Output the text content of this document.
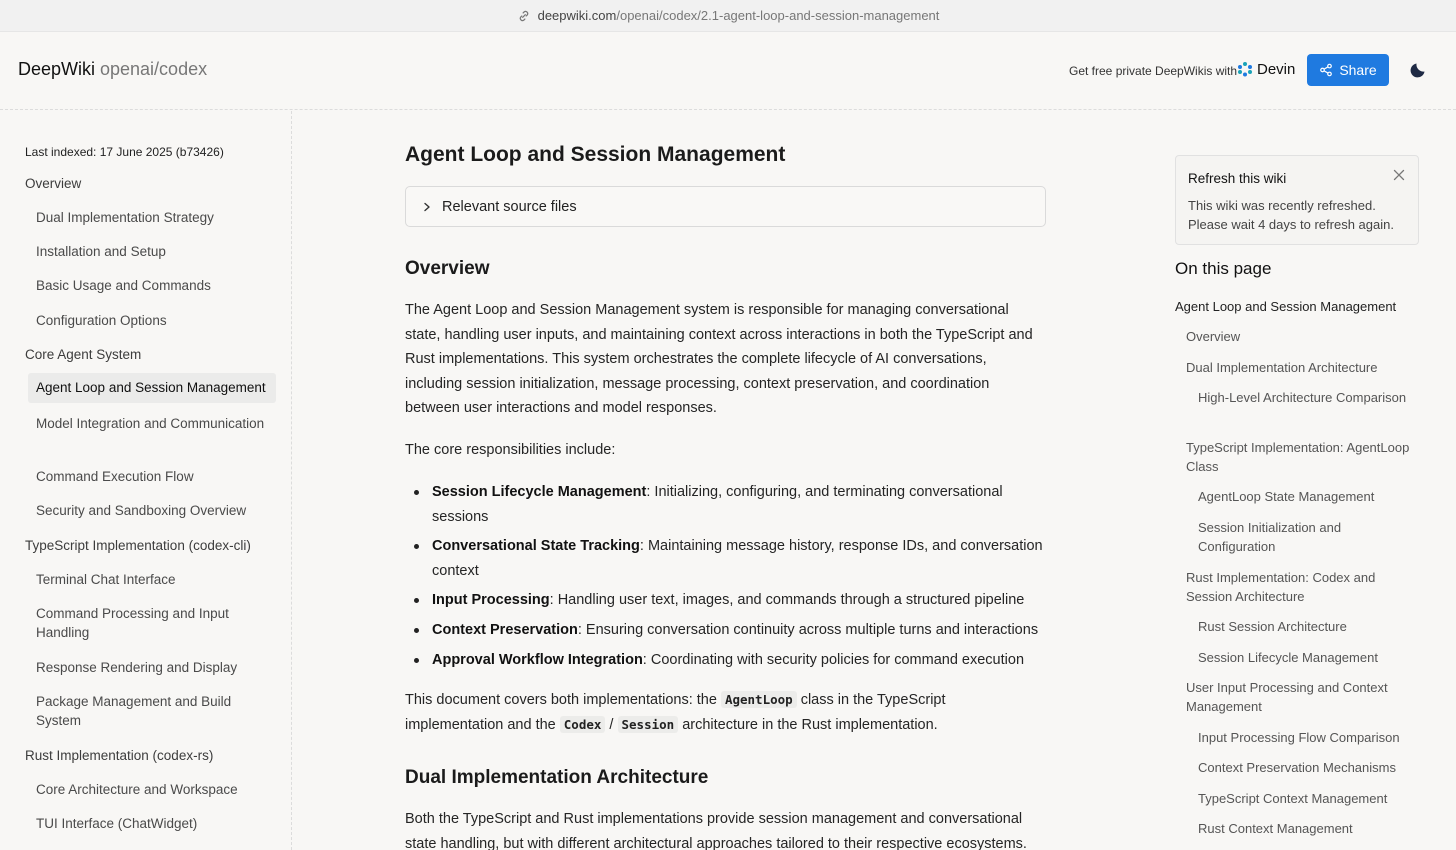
deepwiki.com /openai/codex/2.1-agent-loop-and-session-management
DeepWiki openai/codex	Get free private DeepWikis with Devin	Share
Last indexed: 17 June 2025 (b73426)
Overview
Dual Implementation Strategy
Installation and Setup
Basic Usage and Commands
Configuration Options
Core Agent System
Agent Loop and Session Management
Model Integration and Communication
Command Execution Flow
Security and Sandboxing Overview
TypeScript Implementation (codex-cli)
Terminal Chat Interface
Command Processing and Input Handling
Response Rendering and Display
Package Management and Build System
Rust Implementation (codex-rs)
Core Architecture and Workspace
TUI Interface (ChatWidget)
Agent Loop and Session Management
Relevant source files
Overview

The Agent Loop and Session Management system is responsible for managing conversational state, handling user inputs, and maintaining context across interactions in both the TypeScript and Rust implementations. This system orchestrates the complete lifecycle of AI conversations, including session initialization, message processing, context preservation, and coordination between user interactions and model responses.

The core responsibilities include:

Session Lifecycle Management: Initializing, configuring, and terminating conversational sessions
Conversational State Tracking: Maintaining message history, response IDs, and conversation context
Input Processing: Handling user text, images, and commands through a structured pipeline
Context Preservation: Ensuring conversation continuity across multiple turns and interactions
Approval Workflow Integration: Coordinating with security policies for command execution

This document covers both implementations: the AgentLoop class in the TypeScript implementation and the Codex / Session architecture in the Rust implementation.

Dual Implementation Architecture

Both the TypeScript and Rust implementations provide session management and conversational state handling, but with different architectural approaches tailored to their respective ecosystems.

Refresh this wiki
This wiki was recently refreshed. Please wait 4 days to refresh again.
On this page
Agent Loop and Session Management
Overview
Dual Implementation Architecture
High-Level Architecture Comparison
TypeScript Implementation: AgentLoop Class
AgentLoop State Management
Session Initialization and Configuration
Rust Implementation: Codex and Session Architecture
Rust Session Architecture
Session Lifecycle Management
User Input Processing and Context Management
Input Processing Flow Comparison
Context Preservation Mechanisms
TypeScript Context Management
Rust Context Management
